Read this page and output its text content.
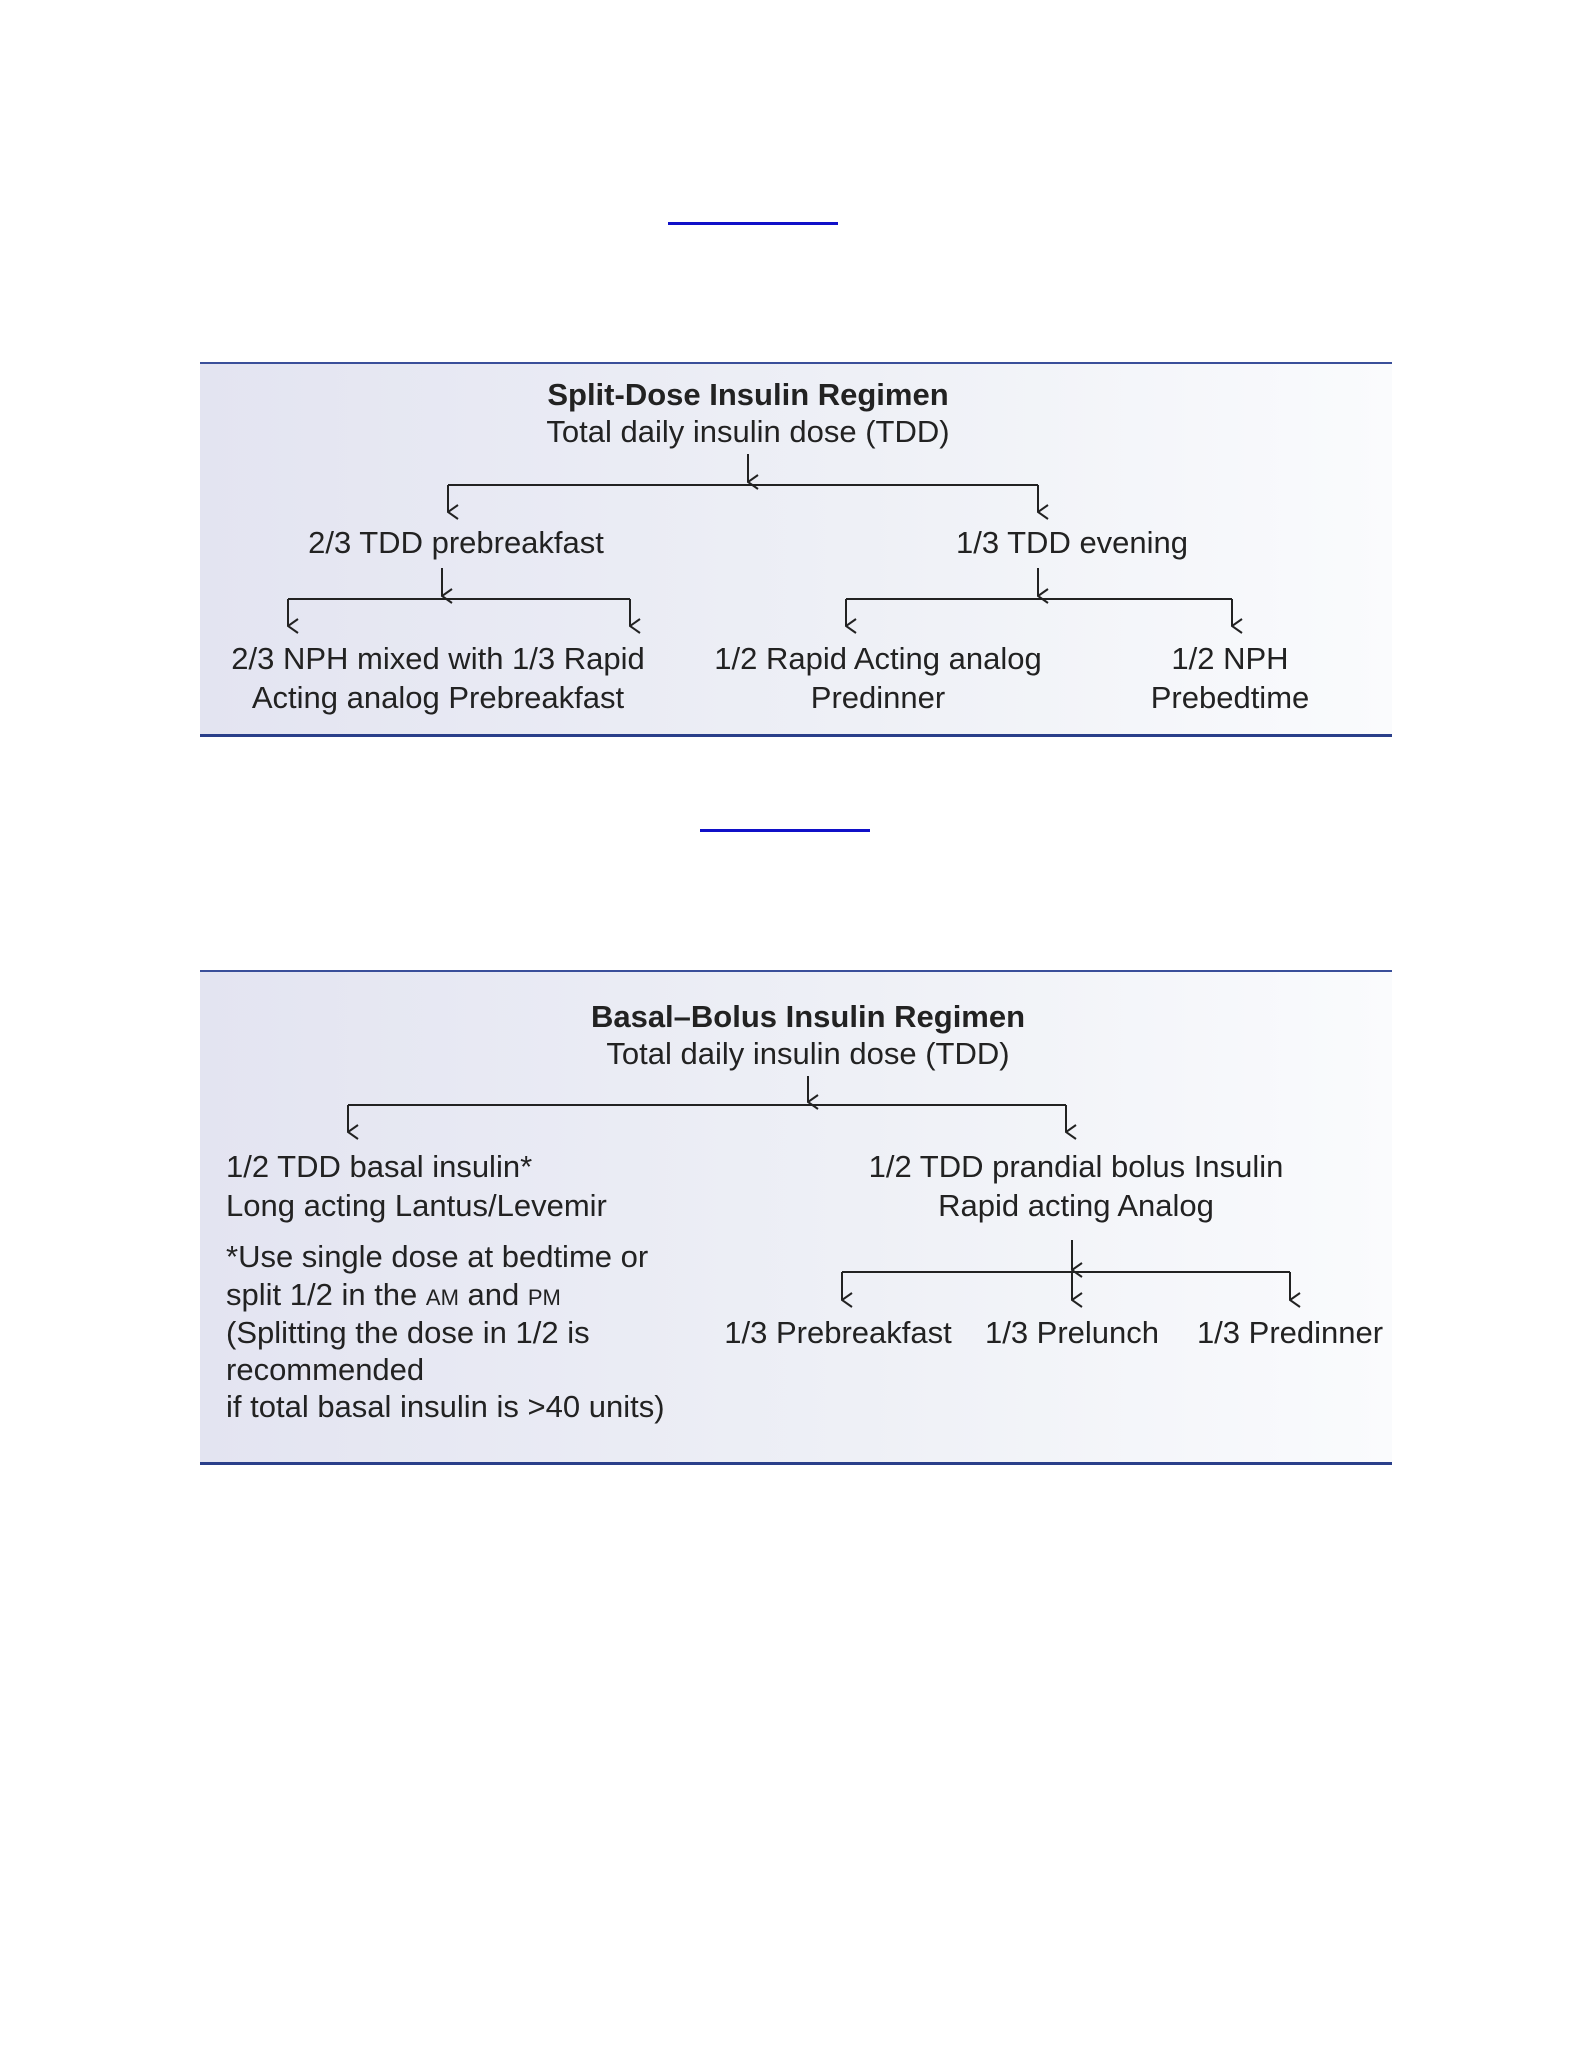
Split-Dose Insulin Regimen
Total daily insulin dose (TDD)
2/3 TDD prebreakfast	1/3 TDD evening
2/3 NPH mixed with 1/3 Rapid
Acting analog Prebreakfast
1/2 Rapid Acting analog
Predinner
1/2 NPH
Prebedtime
Basal–Bolus Insulin Regimen
Total daily insulin dose (TDD)
1/2 TDD basal insulin*
Long acting Lantus/Levemir
*Use single dose at bedtime or
split 1/2 in the AM and PM
(Splitting the dose in 1/2 is
recommended
if total basal insulin is >40 units)
1/2 TDD prandial bolus Insulin
Rapid acting Analog
1/3 Prebreakfast 1/3 Prelunch 1/3 Predinner
